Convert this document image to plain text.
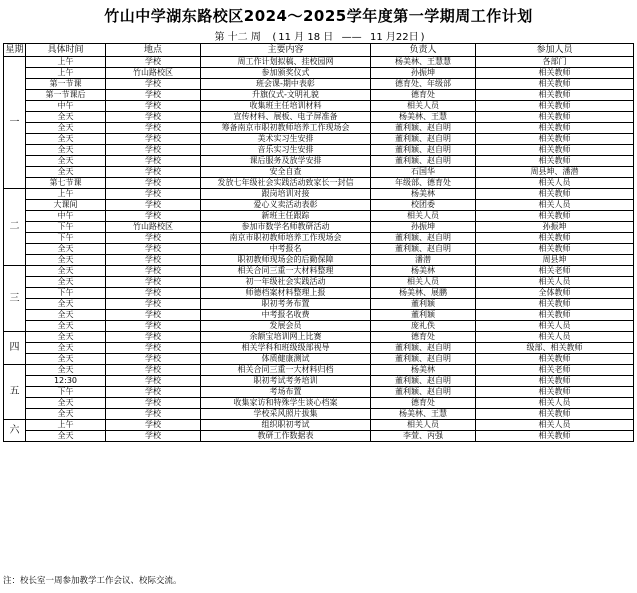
竹山中学湖东路校区2024～2025学年度第一学期周工作计划
第 十二 周   ( 11 月 18 日 —— 11 月22日 )
星期	具体时间	地点	主要内容	负责人	参加人员
一	上午	学校	周工作计划拟稿、挂校园网	杨美林、王慧慧	各部门
	上午	竹山路校区	参加颁奖仪式	孙振坤	相关教师
	第一节课	学校	班会课-期中表彰	德育处、年级部	相关教师
	第一节课后	学校	升旗仪式-文明礼貌	德育处	相关教师
	中午	学校	收集班主任培训材料	相关人员	相关教师
	全天	学校	宣传材料、展板、电子屏准备	杨美林、王慧	相关教师
	全天	学校	筹备南京市职初教师培养工作现场会	董利颖、赵自明	相关教师
	全天	学校	美术实习生安排	董利颖、赵自明	相关教师
	全天	学校	音乐实习生安排	董利颖、赵自明	相关教师
	全天	学校	课后服务及放学安排	董利颖、赵自明	相关教师
	全天	学校	安全自查	石国华	周县坤、潘潜
	第七节课	学校	发放七年级社会实践活动致家长一封信	年级部、德育处	相关人员
二	上午	学校	跟岗培训对接	杨美林	相关教师
	大课间	学校	爱心义卖活动表彰	校团委	相关人员
	中午	学校	新班主任跟踪	相关人员	相关教师
	下午	竹山路校区	参加市数学名师教研活动	孙振坤	孙振坤
	下午	学校	南京市职初教师培养工作现场会	董利颖、赵自明	相关教师
	全天	学校	中考报名	董利颖、赵自明	相关教师
	全天	学校	职初教师现场会的后勤保障	潘潜	周县坤
三	全天	学校	相关合同三重一大材料整理	杨美林	相关老师
	全天	学校	初一年级社会实践活动	相关人员	相关人员
	下午	学校	师德档案材料整理上报	杨美林、展鹏	全体教师
	全天	学校	职初考务布置	董利颖	相关教师
	全天	学校	中考报名收费	董利颖	相关教师
	全天	学校	发展会员	庞礼佚	相关人员
四	全天	学校	余额宝培训网上比赛	德育处	相关人员
	全天	学校	相关学科和班级级部视导	董利颖、赵自明	级部、相关教师
	全天	学校	体质健康测试	董利颖、赵自明	相关教师
五	全天	学校	相关合同三重一大材料归档	杨美林	相关老师
	12:30	学校	职初考试考务培训	董利颖、赵自明	相关教师
	下午	学校	考场布置	董利颖、赵自明	相关教师
	全天	学校	收集家访和特殊学生谈心档案	德育处	相关人员
	全天	学校	学校采风照片拔集	杨美林、王慧	相关教师
六	上午	学校	组织职初考试	相关人员	相关人员
	全天	学校	教研工作数据表	李萱、丙强	相关教师
注：校长室一周参加教学工作会议、校际交流。
